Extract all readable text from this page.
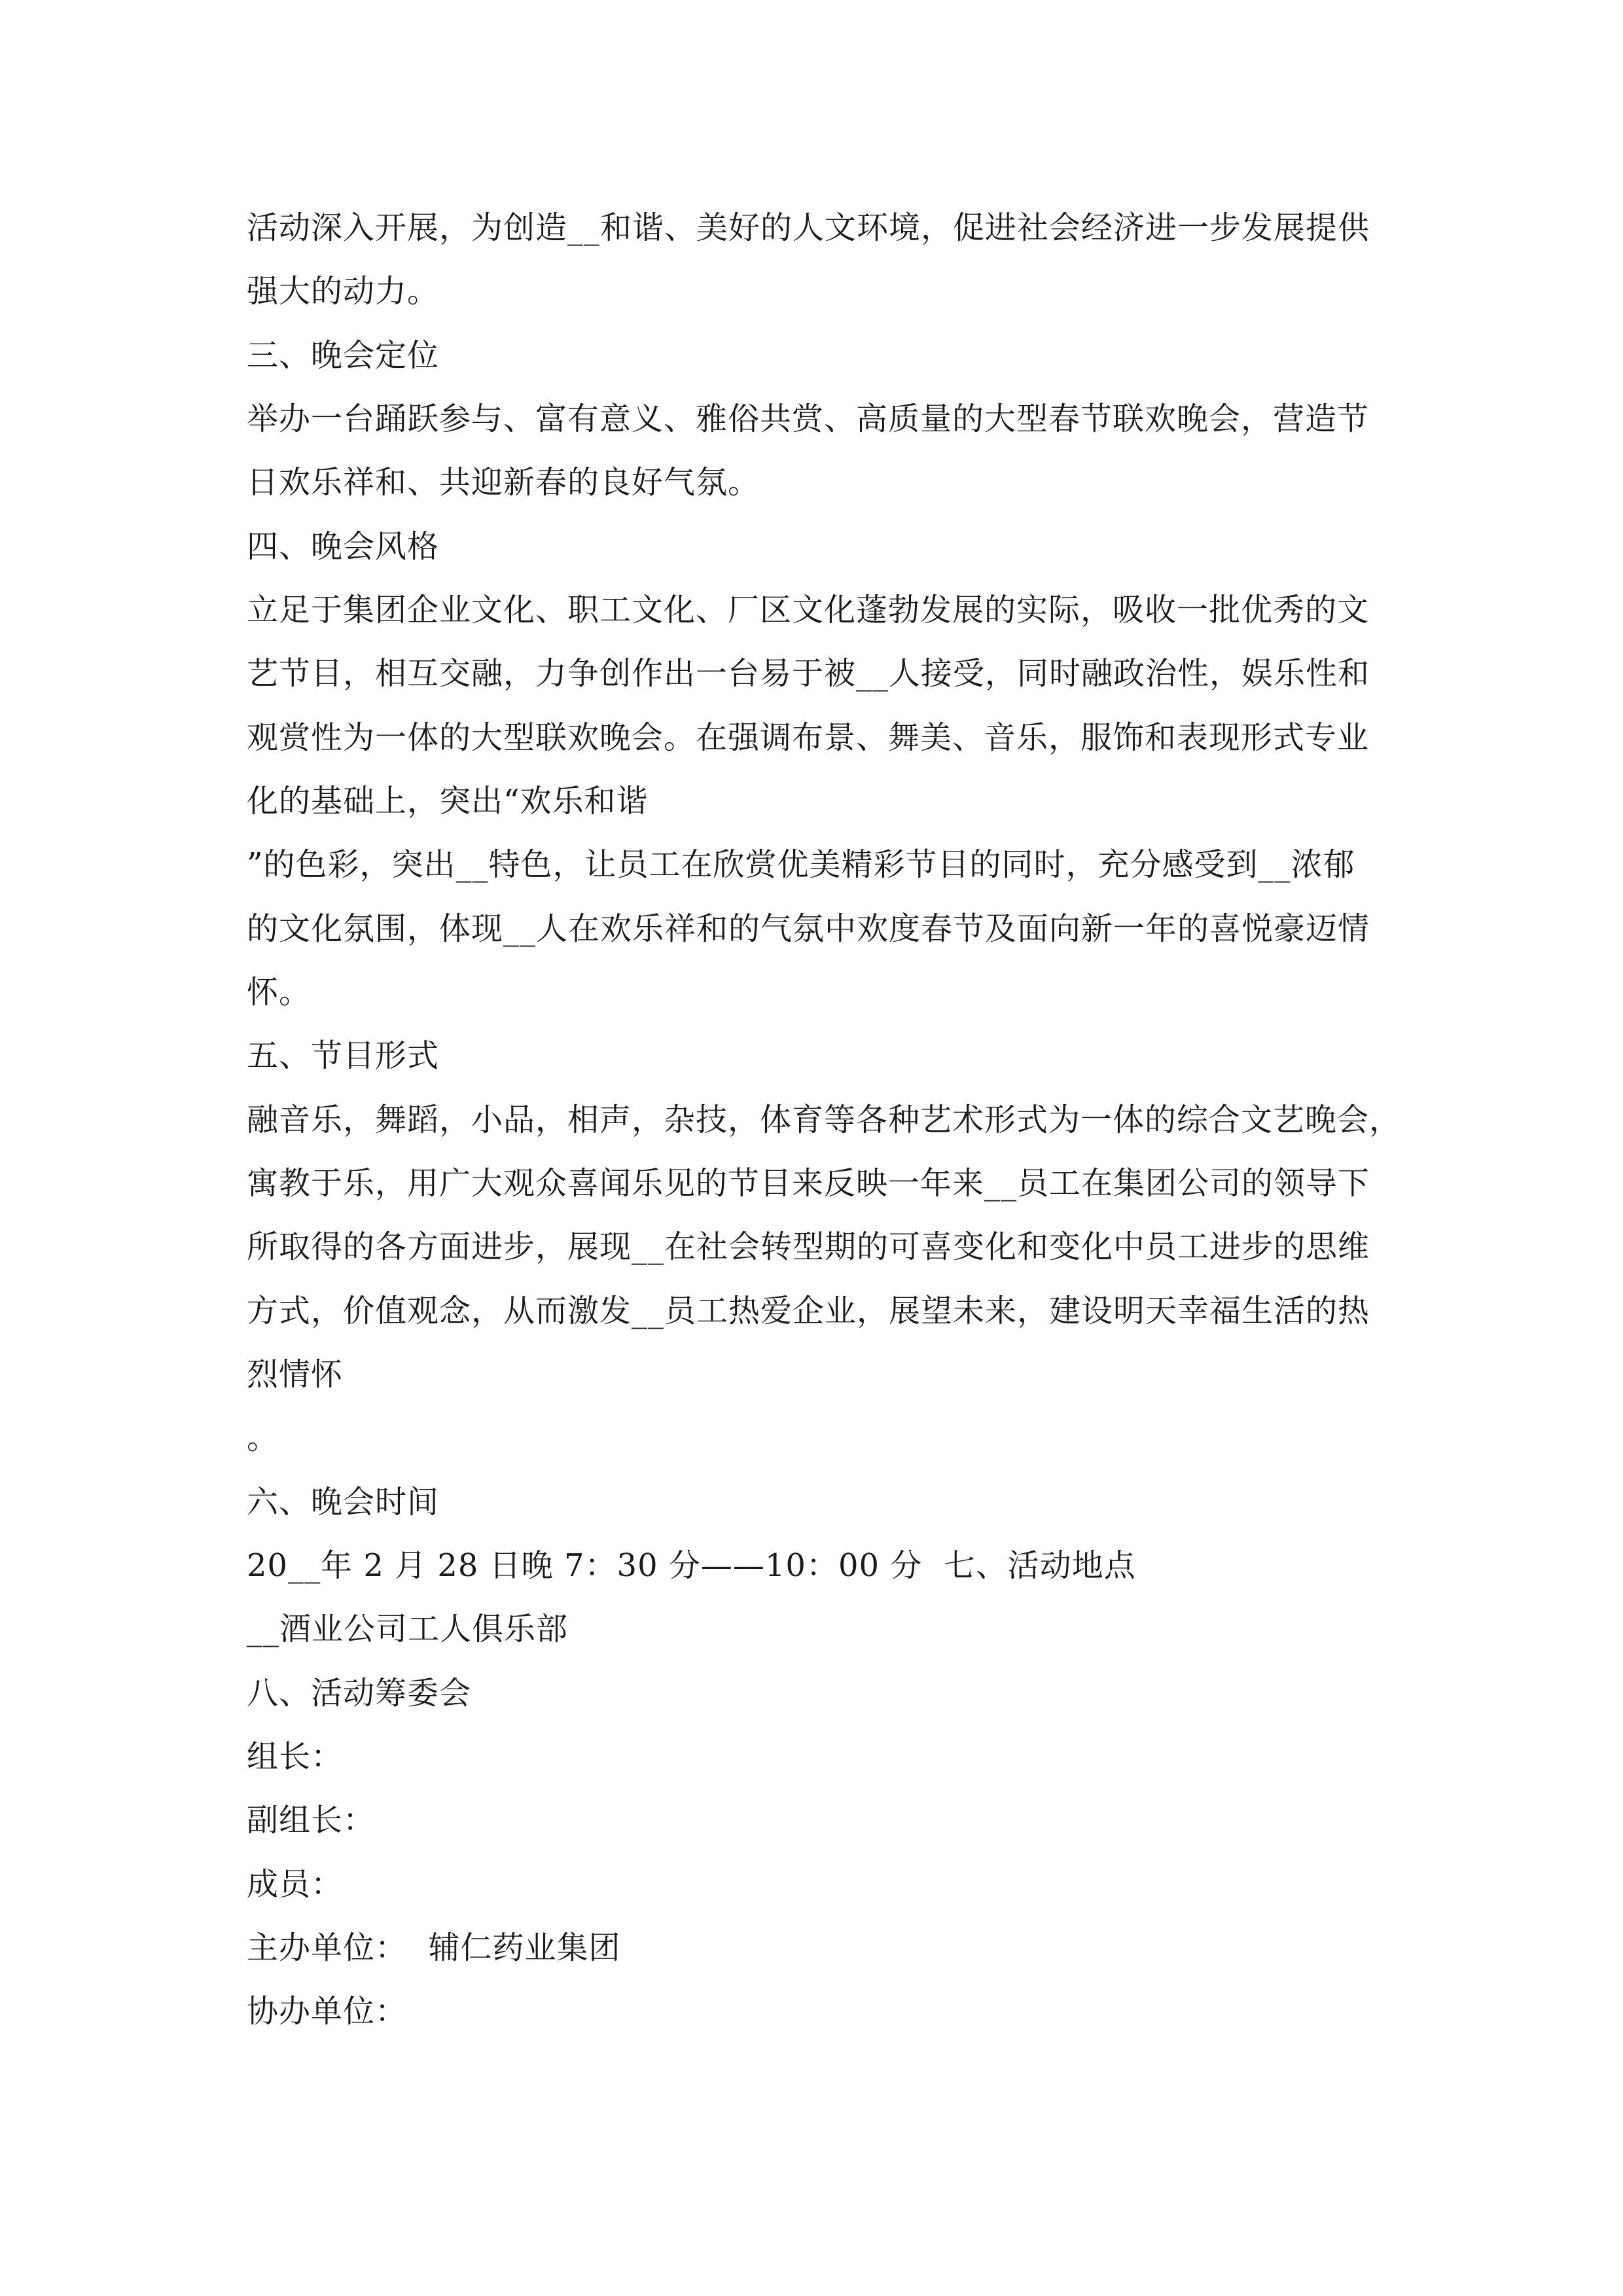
活动深入开展，为创造__和谐、美好的人文环境，促进社会经济进一步发展提供
强大的动力。
三、晚会定位
举办一台踊跃参与、富有意义、雅俗共赏、高质量的大型春节联欢晚会，营造节
日欢乐祥和、共迎新春的良好气氛。
四、晚会风格
立足于集团企业文化、职工文化、厂区文化蓬勃发展的实际，吸收一批优秀的文
艺节目，相互交融，力争创作出一台易于被__人接受，同时融政治性，娱乐性和
观赏性为一体的大型联欢晚会。在强调布景、舞美、音乐，服饰和表现形式专业
化的基础上，突出“欢乐和谐
”的色彩，突出__特色，让员工在欣赏优美精彩节目的同时，充分感受到__浓郁
的文化氛围，体现__人在欢乐祥和的气氛中欢度春节及面向新一年的喜悦豪迈情
怀。
五、节目形式
融音乐，舞蹈，小品，相声，杂技，体育等各种艺术形式为一体的综合文艺晚会，
寓教于乐，用广大观众喜闻乐见的节目来反映一年来__员工在集团公司的领导下
所取得的各方面进步，展现__在社会转型期的可喜变化和变化中员工进步的思维
方式，价值观念，从而激发__员工热爱企业，展望未来，建设明天幸福生活的热
烈情怀
。
六、晚会时间
20__年 2 月 28 日晚 7：30 分——10：00 分  七、活动地点
__酒业公司工人俱乐部
八、活动筹委会
组长：
副组长：
成员：
主办单位：  辅仁药业集团
协办单位：
